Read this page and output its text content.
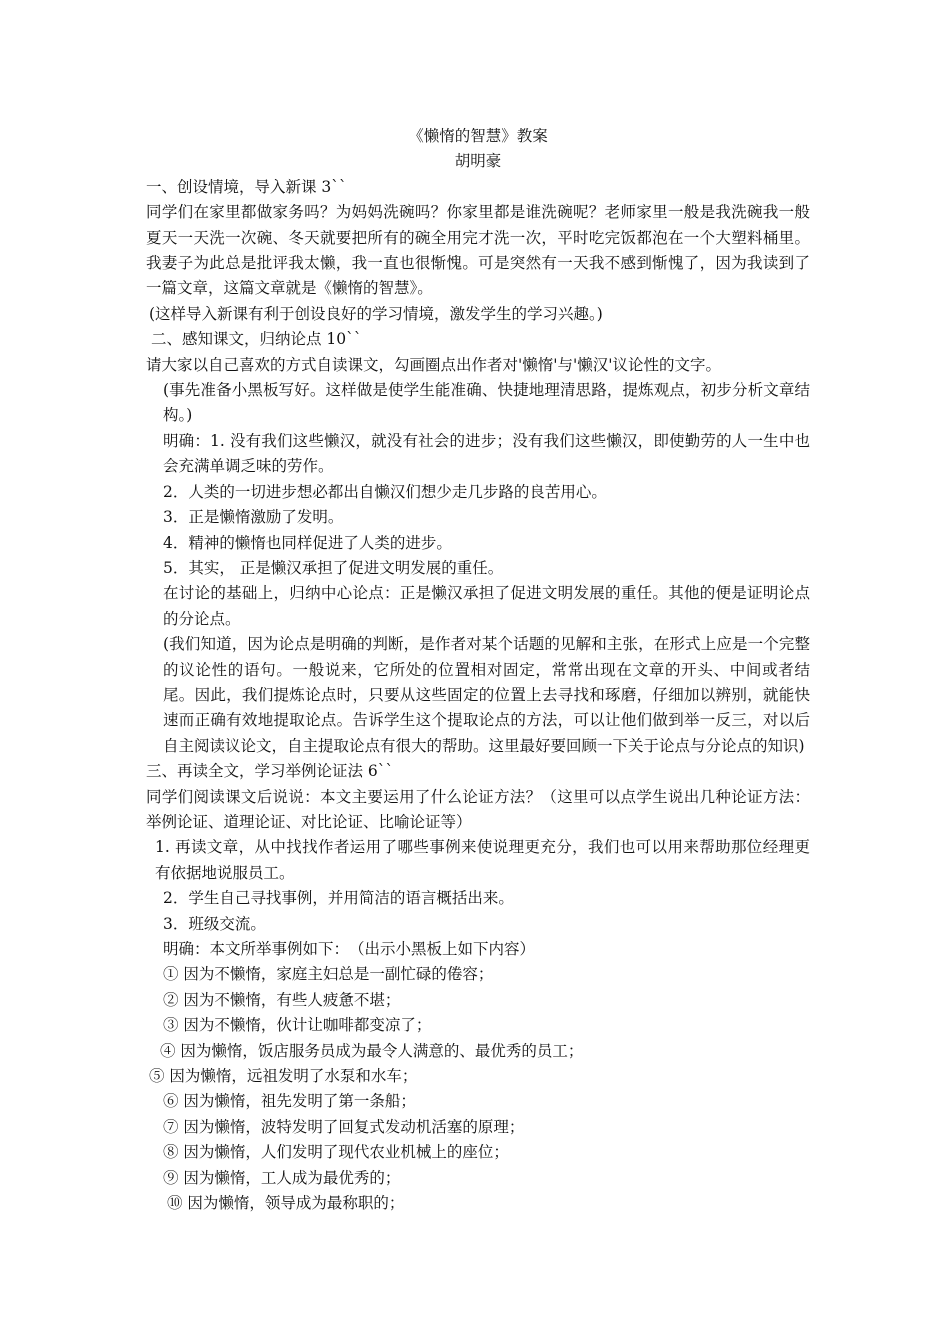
《懒惰的智慧》教案

胡明豪

一、创设情境，导入新课 3``

同学们在家里都做家务吗？为妈妈洗碗吗？你家里都是谁洗碗呢？老师家里一般是我洗碗我一般夏天一天洗一次碗、冬天就要把所有的碗全用完才洗一次，平时吃完饭都泡在一个大塑料桶里。我妻子为此总是批评我太懒，我一直也很惭愧。可是突然有一天我不感到惭愧了，因为我读到了一篇文章，这篇文章就是《懒惰的智慧》。

(这样导入新课有利于创设良好的学习情境，激发学生的学习兴趣。)

二、感知课文，归纳论点 10``

请大家以自己喜欢的方式自读课文，勾画圈点出作者对'懒惰'与'懒汉'议论性的文字。

(事先准备小黑板写好。这样做是使学生能准确、快捷地理清思路，提炼观点，初步分析文章结构。)

明确：1. 没有我们这些懒汉，就没有社会的进步；没有我们这些懒汉，即使勤劳的人一生中也会充满单调乏味的劳作。

2．人类的一切进步想必都出自懒汉们想少走几步路的良苦用心。

3．正是懒惰激励了发明。

4．精神的懒惰也同样促进了人类的进步。

5．其实， 正是懒汉承担了促进文明发展的重任。

在讨论的基础上，归纳中心论点：正是懒汉承担了促进文明发展的重任。其他的便是证明论点的分论点。

(我们知道，因为论点是明确的判断，是作者对某个话题的见解和主张，在形式上应是一个完整的议论性的语句。一般说来，它所处的位置相对固定，常常出现在文章的开头、中间或者结尾。因此，我们提炼论点时，只要从这些固定的位置上去寻找和琢磨，仔细加以辨别，就能快速而正确有效地提取论点。告诉学生这个提取论点的方法，可以让他们做到举一反三，对以后自主阅读议论文，自主提取论点有很大的帮助。这里最好要回顾一下关于论点与分论点的知识)

三、再读全文，学习举例论证法 6``

同学们阅读课文后说说：本文主要运用了什么论证方法？（这里可以点学生说出几种论证方法：举例论证、道理论证、对比论证、比喻论证等）

1. 再读文章，从中找找作者运用了哪些事例来使说理更充分，我们也可以用来帮助那位经理更有依据地说服员工。

2．学生自己寻找事例，并用简洁的语言概括出来。

3．班级交流。

明确：本文所举事例如下：　（出示小黑板上如下内容）

① 因为不懒惰，家庭主妇总是一副忙碌的倦容；

② 因为不懒惰，有些人疲惫不堪；

③ 因为不懒惰，伙计让咖啡都变凉了；

④ 因为懒惰，饭店服务员成为最令人满意的、最优秀的员工；

⑤ 因为懒惰，远祖发明了水泵和水车；

⑥ 因为懒惰，祖先发明了第一条船；

⑦ 因为懒惰，波特发明了回复式发动机活塞的原理；

⑧ 因为懒惰，人们发明了现代农业机械上的座位；

⑨ 因为懒惰，工人成为最优秀的；

⑩ 因为懒惰，领导成为最称职的；
